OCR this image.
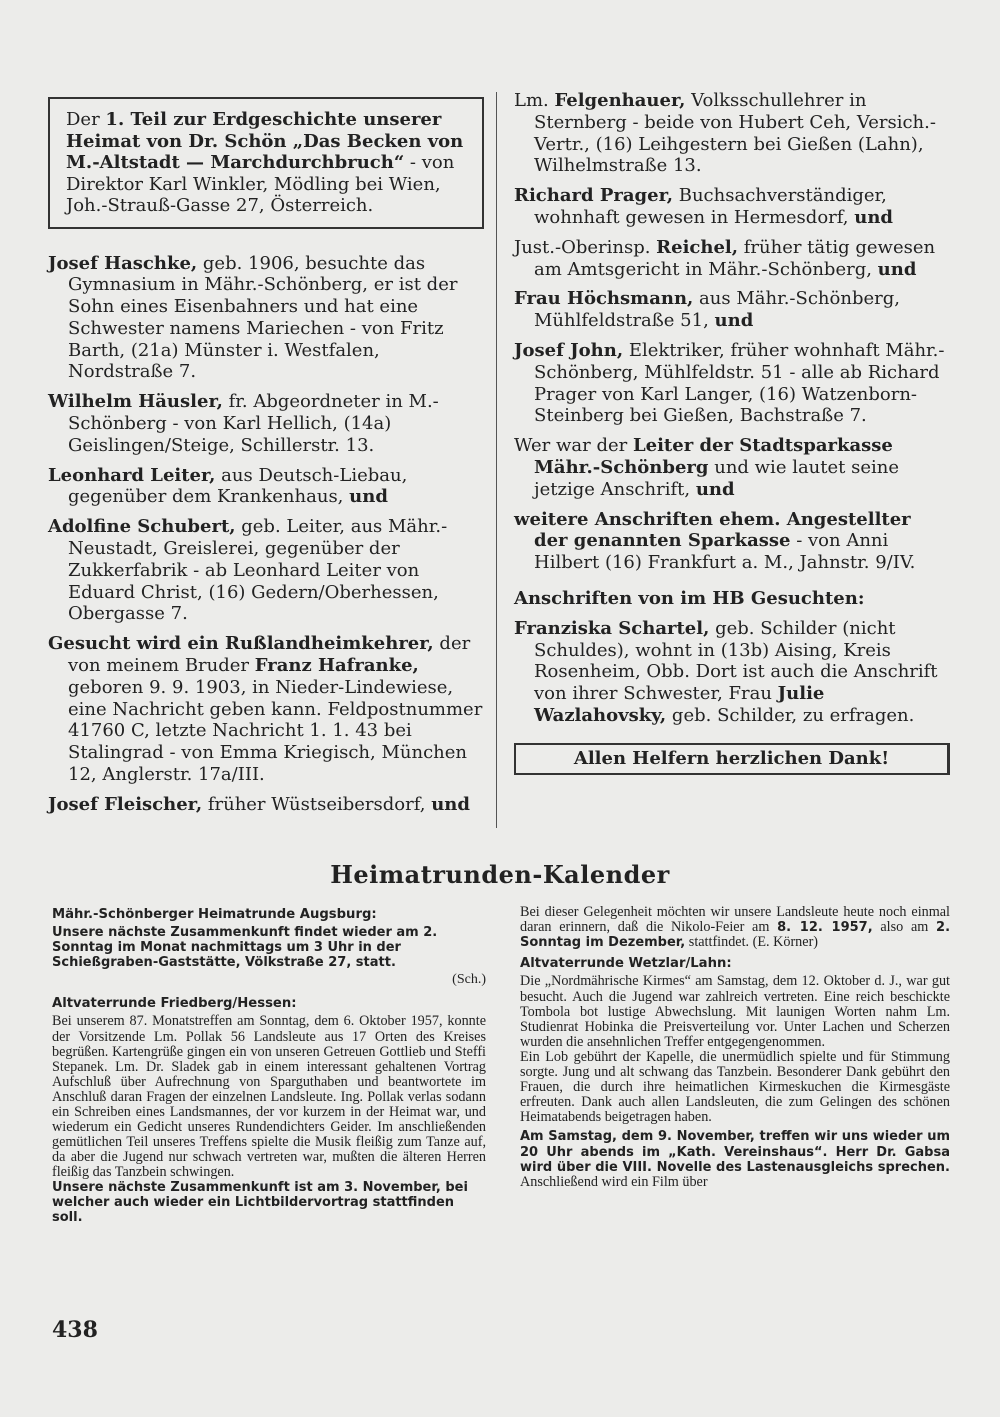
Der 1. Teil zur Erdgeschichte unserer Heimat von Dr. Schön „Das Becken von M.-Altstadt — Marchdurchbruch“ - von Direktor Karl Winkler, Mödling bei Wien, Joh.-Strauß-Gasse 27, Österreich.

Josef Haschke, geb. 1906, besuchte das Gymnasium in Mähr.-Schönberg, er ist der Sohn eines Eisenbahners und hat eine Schwester namens Mariechen - von Fritz Barth, (21a) Münster i. Westfalen, Nordstraße 7.

Wilhelm Häusler, fr. Abgeordneter in M.-Schönberg - von Karl Hellich, (14a) Geislingen/Steige, Schillerstr. 13.

Leonhard Leiter, aus Deutsch-Liebau, gegenüber dem Krankenhaus, und

Adolfine Schubert, geb. Leiter, aus Mähr.-Neustadt, Greislerei, gegenüber der Zukkerfabrik - ab Leonhard Leiter von Eduard Christ, (16) Gedern/Oberhessen, Obergasse 7.

Gesucht wird ein Rußlandheimkehrer, der von meinem Bruder Franz Hafranke, geboren 9. 9. 1903, in Nieder-Lindewiese, eine Nachricht geben kann. Feldpostnummer 41760 C, letzte Nachricht 1. 1. 43 bei Stalingrad - von Emma Kriegisch, München 12, Anglerstr. 17a/III.

Josef Fleischer, früher Wüstseibersdorf, und

Lm. Felgenhauer, Volksschullehrer in Sternberg - beide von Hubert Ceh, Versich.-Vertr., (16) Leihgestern bei Gießen (Lahn), Wilhelmstraße 13.

Richard Prager, Buchsachverständiger, wohnhaft gewesen in Hermesdorf, und

Just.-Oberinsp. Reichel, früher tätig gewesen am Amtsgericht in Mähr.-Schönberg, und

Frau Höchsmann, aus Mähr.-Schönberg, Mühlfeldstraße 51, und

Josef John, Elektriker, früher wohnhaft Mähr.-Schönberg, Mühlfeldstr. 51 - alle ab Richard Prager von Karl Langer, (16) Watzenborn-Steinberg bei Gießen, Bachstraße 7.

Wer war der Leiter der Stadtsparkasse Mähr.-Schönberg und wie lautet seine jetzige Anschrift, und

weitere Anschriften ehem. Angestellter der genannten Sparkasse - von Anni Hilbert (16) Frankfurt a. M., Jahnstr. 9/IV.

Anschriften von im HB Gesuchten:

Franziska Schartel, geb. Schilder (nicht Schuldes), wohnt in (13b) Aising, Kreis Rosenheim, Obb. Dort ist auch die Anschrift von ihrer Schwester, Frau Julie Wazlahovsky, geb. Schilder, zu erfragen.

Allen Helfern herzlichen Dank!
Heimatrunden-Kalender

Mähr.-Schönberger Heimatrunde Augsburg:

Unsere nächste Zusammenkunft findet wieder am 2. Sonntag im Monat nachmittags um 3 Uhr in der Schießgraben-Gaststätte, Völkstraße 27, statt.

(Sch.)

Altvaterrunde Friedberg/Hessen:

Bei unserem 87. Monatstreffen am Sonntag, dem 6. Oktober 1957, konnte der Vorsitzende Lm. Pollak 56 Landsleute aus 17 Orten des Kreises begrüßen. Kartengrüße gingen ein von unseren Getreuen Gottlieb und Steffi Stepanek. Lm. Dr. Sladek gab in einem interessant gehaltenen Vortrag Aufschluß über Aufrechnung von Sparguthaben und beantwortete im Anschluß daran Fragen der einzelnen Landsleute. Ing. Pollak verlas sodann ein Schreiben eines Landsmannes, der vor kurzem in der Heimat war, und wiederum ein Gedicht unseres Rundendichters Geider. Im anschließenden gemütlichen Teil unseres Treffens spielte die Musik fleißig zum Tanze auf, da aber die Jugend nur schwach vertreten war, mußten die älteren Herren fleißig das Tanzbein schwingen.

Unsere nächste Zusammenkunft ist am 3. November, bei welcher auch wieder ein Lichtbildervortrag stattfinden soll.

Bei dieser Gelegenheit möchten wir unsere Landsleute heute noch einmal daran erinnern, daß die Nikolo-Feier am 8. 12. 1957, also am 2. Sonntag im Dezember, stattfindet. (E. Körner)

Altvaterrunde Wetzlar/Lahn:

Die „Nordmährische Kirmes“ am Samstag, dem 12. Oktober d. J., war gut besucht. Auch die Jugend war zahlreich vertreten. Eine reich beschickte Tombola bot lustige Abwechslung. Mit launigen Worten nahm Lm. Studienrat Hobinka die Preisverteilung vor. Unter Lachen und Scherzen wurden die ansehnlichen Treffer entgegengenommen.

Ein Lob gebührt der Kapelle, die unermüdlich spielte und für Stimmung sorgte. Jung und alt schwang das Tanzbein. Besonderer Dank gebührt den Frauen, die durch ihre heimatlichen Kirmeskuchen die Kirmesgäste erfreuten. Dank auch allen Landsleuten, die zum Gelingen des schönen Heimatabends beigetragen haben.

Am Samstag, dem 9. November, treffen wir uns wieder um 20 Uhr abends im „Kath. Vereinshaus“. Herr Dr. Gabsa wird über die VIII. Novelle des Lastenausgleichs sprechen. Anschließend wird ein Film über

438
